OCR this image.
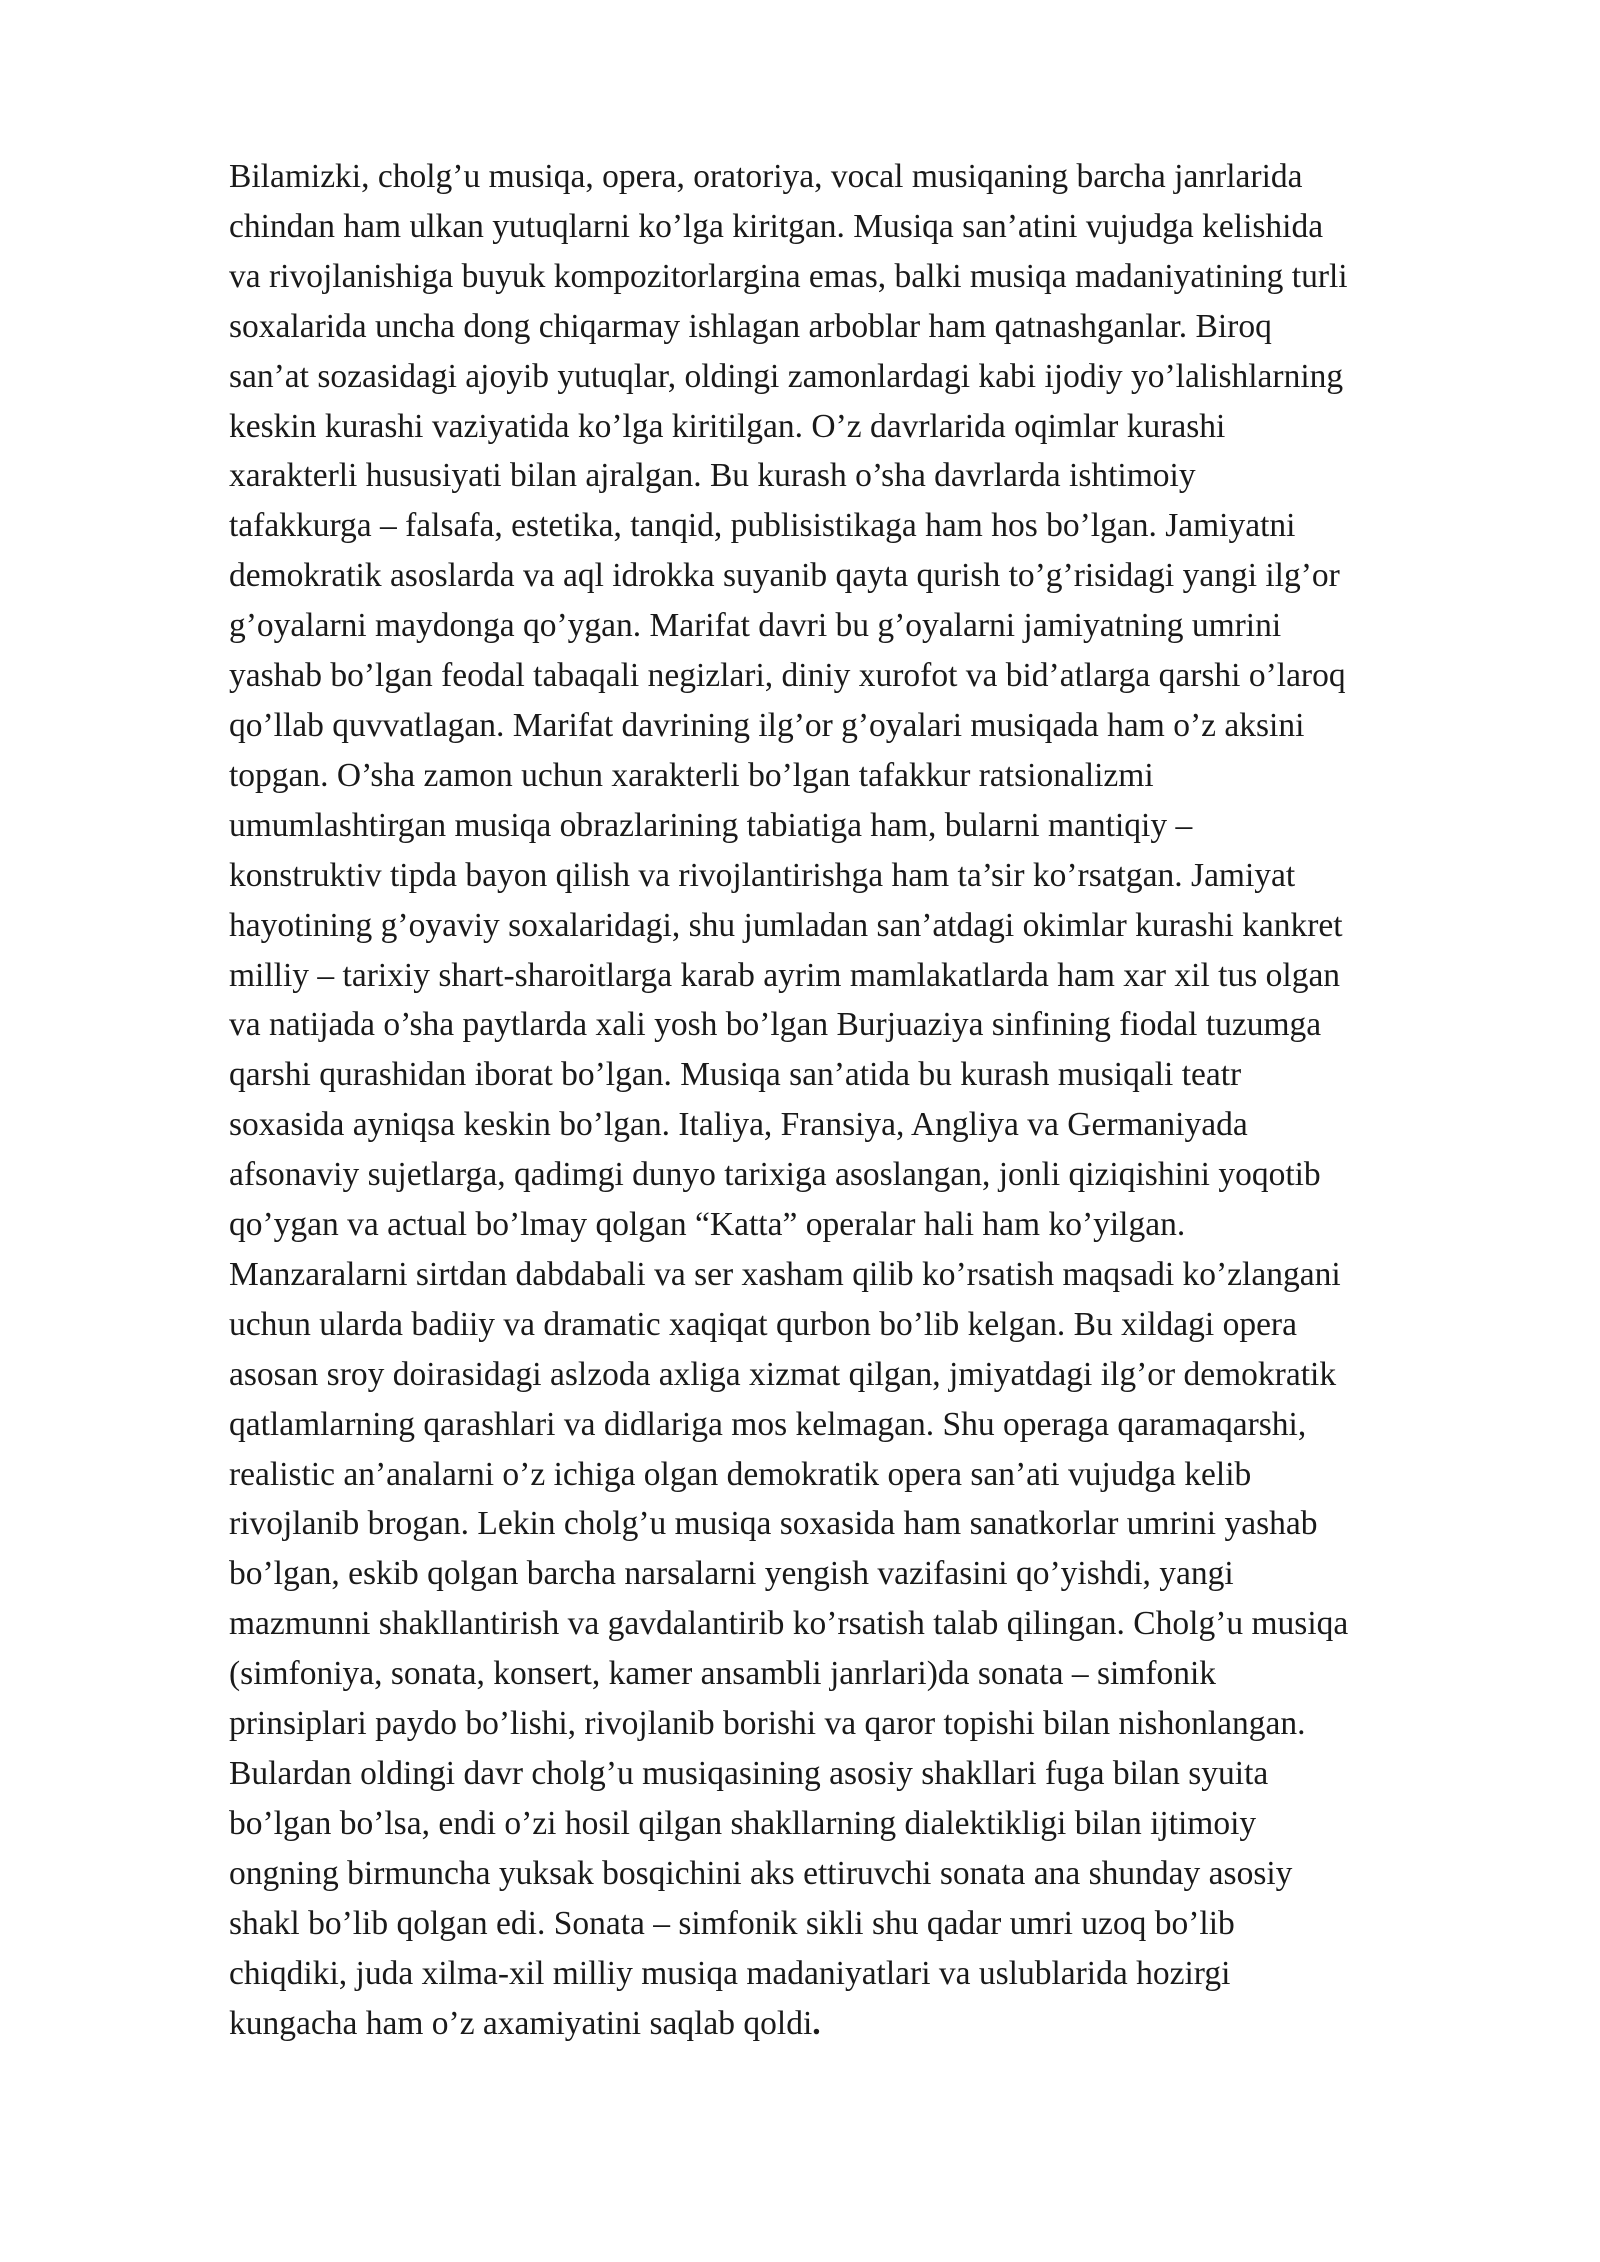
Bilamizki, cholg’u musiqa, opera, oratoriya, vocal musiqaning barcha janrlarida
chindan ham ulkan yutuqlarni ko’lga kiritgan. Musiqa san’atini vujudga kelishida
va rivojlanishiga buyuk kompozitorlargina emas, balki musiqa madaniyatining turli
soxalarida uncha dong chiqarmay ishlagan arboblar ham qatnashganlar. Biroq
san’at sozasidagi ajoyib yutuqlar, oldingi zamonlardagi kabi ijodiy yo’lalishlarning
keskin kurashi vaziyatida ko’lga kiritilgan. O’z davrlarida oqimlar kurashi
xarakterli hususiyati bilan ajralgan. Bu kurash o’sha davrlarda ishtimoiy
tafakkurga – falsafa, estetika, tanqid, publisistikaga ham hos bo’lgan. Jamiyatni
demokratik asoslarda va aql idrokka suyanib qayta qurish to’g’risidagi yangi ilg’or
g’oyalarni maydonga qo’ygan. Marifat davri bu g’oyalarni jamiyatning umrini
yashab bo’lgan feodal tabaqali negizlari, diniy xurofot va bid’atlarga qarshi o’laroq
qo’llab quvvatlagan. Marifat davrining ilg’or g’oyalari musiqada ham o’z aksini
topgan. O’sha zamon uchun xarakterli bo’lgan tafakkur ratsionalizmi
umumlashtirgan musiqa obrazlarining tabiatiga ham, bularni mantiqiy –
konstruktiv tipda bayon qilish va rivojlantirishga ham ta’sir ko’rsatgan. Jamiyat
hayotining g’oyaviy soxalaridagi, shu jumladan san’atdagi okimlar kurashi kankret
milliy – tarixiy shart-sharoitlarga karab ayrim mamlakatlarda ham xar xil tus olgan
va natijada o’sha paytlarda xali yosh bo’lgan Burjuaziya sinfining fiodal tuzumga
qarshi qurashidan iborat bo’lgan. Musiqa san’atida bu kurash musiqali teatr
soxasida ayniqsa keskin bo’lgan. Italiya, Fransiya, Angliya va Germaniyada
afsonaviy sujetlarga, qadimgi dunyo tarixiga asoslangan, jonli qiziqishini yoqotib
qo’ygan va actual bo’lmay qolgan “Katta” operalar hali ham ko’yilgan.
Manzaralarni sirtdan dabdabali va ser xasham qilib ko’rsatish maqsadi ko’zlangani
uchun ularda badiiy va dramatic xaqiqat qurbon bo’lib kelgan. Bu xildagi opera
asosan sroy doirasidagi aslzoda axliga xizmat qilgan, jmiyatdagi ilg’or demokratik
qatlamlarning qarashlari va didlariga mos kelmagan. Shu operaga qaramaqarshi,
realistic an’analarni o’z ichiga olgan demokratik opera san’ati vujudga kelib
rivojlanib brogan. Lekin cholg’u musiqa soxasida ham sanatkorlar umrini yashab
bo’lgan, eskib qolgan barcha narsalarni yengish vazifasini qo’yishdi, yangi
mazmunni shakllantirish va gavdalantirib ko’rsatish talab qilingan. Cholg’u musiqa
(simfoniya, sonata, konsert, kamer ansambli janrlari)da sonata – simfonik
prinsiplari paydo bo’lishi, rivojlanib borishi va qaror topishi bilan nishonlangan.
Bulardan oldingi davr cholg’u musiqasining asosiy shakllari fuga bilan syuita
bo’lgan bo’lsa, endi o’zi hosil qilgan shakllarning dialektikligi bilan ijtimoiy
ongning birmuncha yuksak bosqichini aks ettiruvchi sonata ana shunday asosiy
shakl bo’lib qolgan edi. Sonata – simfonik sikli shu qadar umri uzoq bo’lib
chiqdiki, juda xilma-xil milliy musiqa madaniyatlari va uslublarida hozirgi
kungacha ham o’z axamiyatini saqlab qoldi.
